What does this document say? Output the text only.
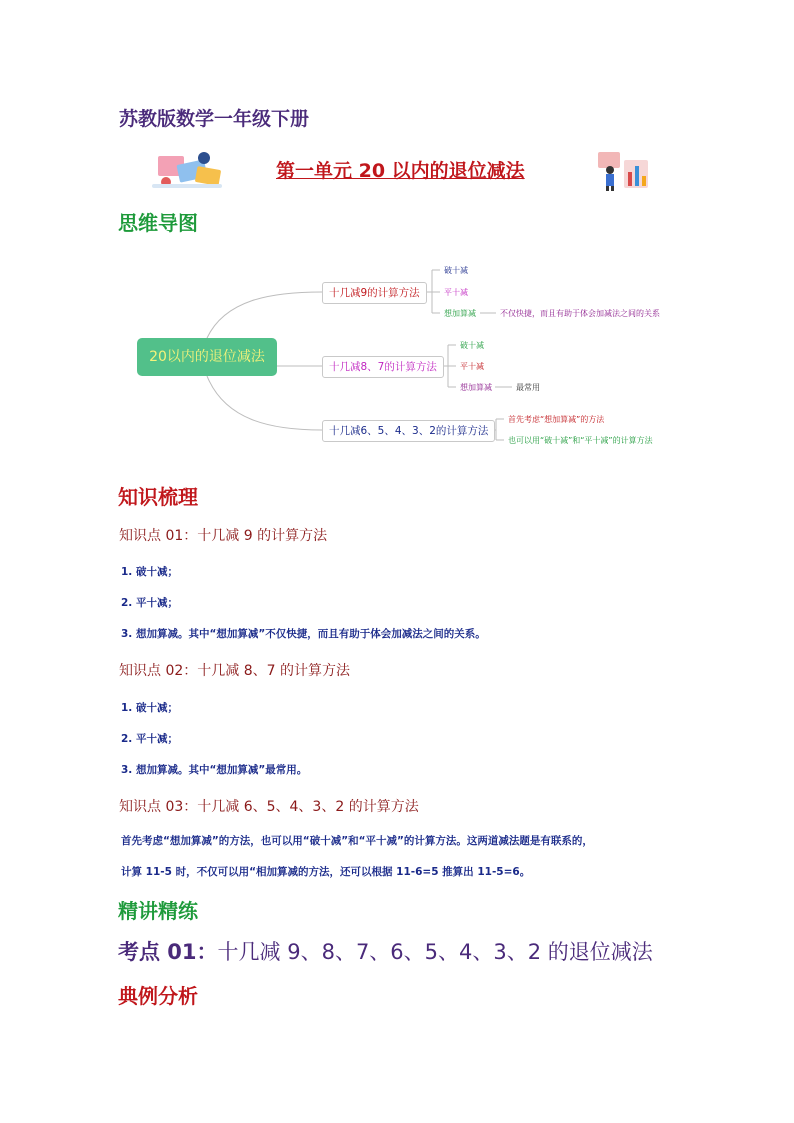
苏教版数学一年级下册
第一单元 20 以内的退位减法
思维导图
20以内的退位减法
十几减9的计算方法
破十减
平十减
想加算减	不仅快捷，而且有助于体会加减法之间的关系
十几减8、7的计算方法
破十减
平十减
想加算减	最常用
十几减6、5、4、3、2的计算方法
首先考虑“想加算减”的方法
也可以用“破十减”和“平十减”的计算方法
知识梳理
知识点 01：十几减 9 的计算方法
1. 破十减；
2. 平十减；
3. 想加算减。其中“想加算减”不仅快捷，而且有助于体会加减法之间的关系。
知识点 02：十几减 8、7 的计算方法
1. 破十减；
2. 平十减；
3. 想加算减。其中“想加算减”最常用。
知识点 03：十几减 6、5、4、3、2 的计算方法
首先考虑“想加算减”的方法，也可以用“破十减”和“平十减”的计算方法。这两道减法题是有联系的，
计算 11-5 时，不仅可以用“相加算减的方法，还可以根据 11-6=5 推算出 11-5=6。
精讲精练
考点 01：十几减 9、8、7、6、5、4、3、2 的退位减法
典例分析
